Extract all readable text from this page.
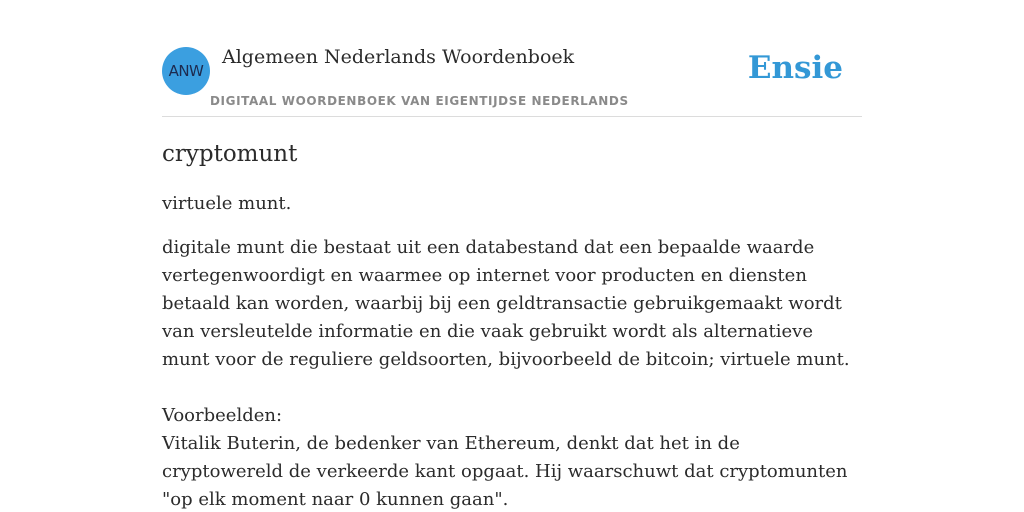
ANW
Algemeen Nederlands Woordenboek
DIGITAAL WOORDENBOEK VAN EIGENTIJDSE NEDERLANDS
Ensie
cryptomunt

virtuele munt.

digitale munt die bestaat uit een databestand dat een bepaalde waarde vertegenwoordigt en waarmee op internet voor producten en diensten betaald kan worden, waarbij bij een geldtransactie gebruikgemaakt wordt van versleutelde informatie en die vaak gebruikt wordt als alternatieve munt voor de reguliere geldsoorten, bijvoorbeeld de bitcoin; virtuele munt.

Voorbeelden:

Vitalik Buterin, de bedenker van Ethereum, denkt dat het in de cryptowereld de verkeerde kant opgaat. Hij waarschuwt dat cryptomunten "op elk moment naar 0 kunnen gaan".
